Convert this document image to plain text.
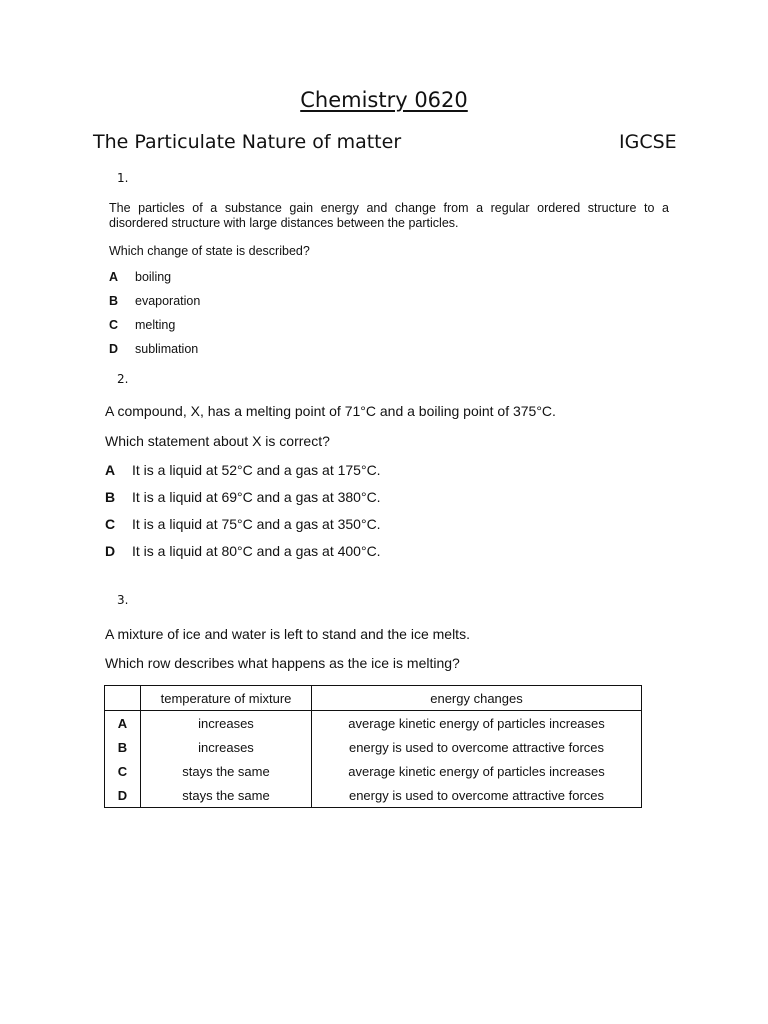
Chemistry 0620
The Particulate Nature of matter	IGCSE
1.
The particles of a substance gain energy and change from a regular ordered structure to a disordered structure with large distances between the particles.
Which change of state is described?
A boiling
B evaporation
C melting
D sublimation
2.
A compound, X, has a melting point of 71°C and a boiling point of 375°C.
Which statement about X is correct?
A It is a liquid at 52°C and a gas at 175°C.
B It is a liquid at 69°C and a gas at 380°C.
C It is a liquid at 75°C and a gas at 350°C.
D It is a liquid at 80°C and a gas at 400°C.
3.
A mixture of ice and water is left to stand and the ice melts.
Which row describes what happens as the ice is melting?
	temperature of mixture	energy changes
A	increases	average kinetic energy of particles increases
B	increases	energy is used to overcome attractive forces
C	stays the same	average kinetic energy of particles increases
D	stays the same	energy is used to overcome attractive forces
